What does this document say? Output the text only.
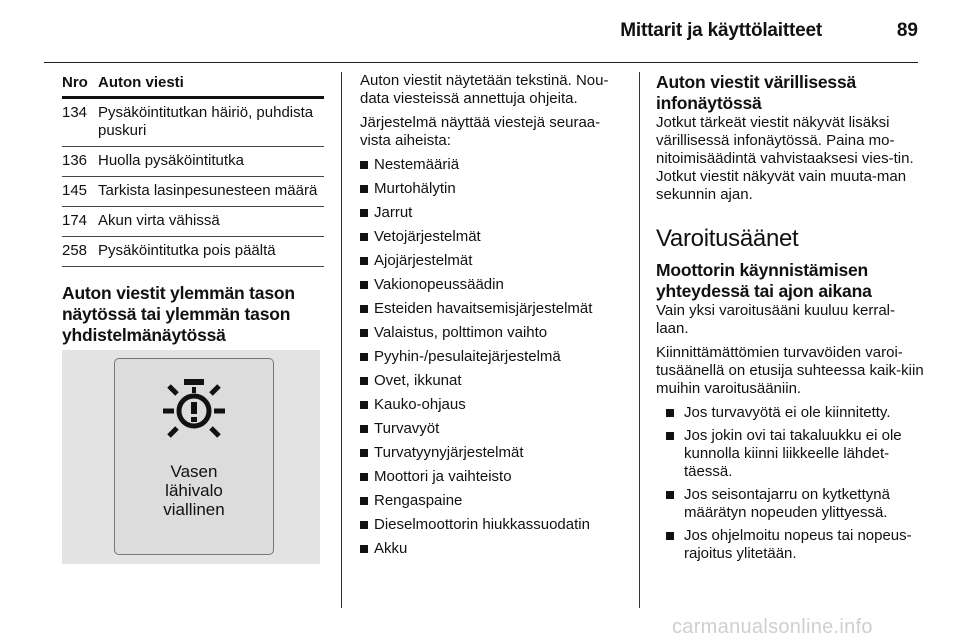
Mittarit ja käyttölaitteet	89
Nro	Auton viesti
134	Pysäköintitutkan häiriö, puhdista puskuri
136	Huolla pysäköintitutka
145	Tarkista lasinpesunesteen määrä
174	Akun virta vähissä
258	Pysäköintitutka pois päältä
Auton viestit ylemmän tason näytössä tai ylemmän tason yhdistelmänäytössä
Vasen
lähivalo
viallinen

Auton viestit näytetään tekstinä. Nou-data viesteissä annettuja ohjeita.

Järjestelmä näyttää viestejä seuraa-vista aiheista:

Nestemääriä
Murtohälytin
Jarrut
Vetojärjestelmät
Ajojärjestelmät
Vakionopeussäädin
Esteiden havaitsemisjärjestelmät
Valaistus, polttimon vaihto
Pyyhin-/pesulaitejärjestelmä
Ovet, ikkunat
Kauko-ohjaus
Turvavyöt
Turvatyynyjärjestelmät
Moottori ja vaihteisto
Rengaspaine
Dieselmoottorin hiukkassuodatin
Akku
Auton viestit värillisessä infonäytössä

Jotkut tärkeät viestit näkyvät lisäksi värillisessä infonäytössä. Paina mo-nitoimisäädintä vahvistaaksesi vies-tin. Jotkut viestit näkyvät vain muuta-man sekunnin ajan.

Varoitusäänet
Moottorin käynnistämisen yhteydessä tai ajon aikana

Vain yksi varoitusääni kuuluu kerral-laan.

Kiinnittämättömien turvavöiden varoi-tusäänellä on etusija suhteessa kaik-kiin muihin varoitusääniin.

Jos turvavyötä ei ole kiinnitetty.
Jos jokin ovi tai takaluukku ei ole kunnolla kiinni liikkeelle lähdet-täessä.
Jos seisontajarru on kytkettynä määrätyn nopeuden ylittyessä.
Jos ohjelmoitu nopeus tai nopeus-rajoitus ylitetään.
carmanualsonline.info
